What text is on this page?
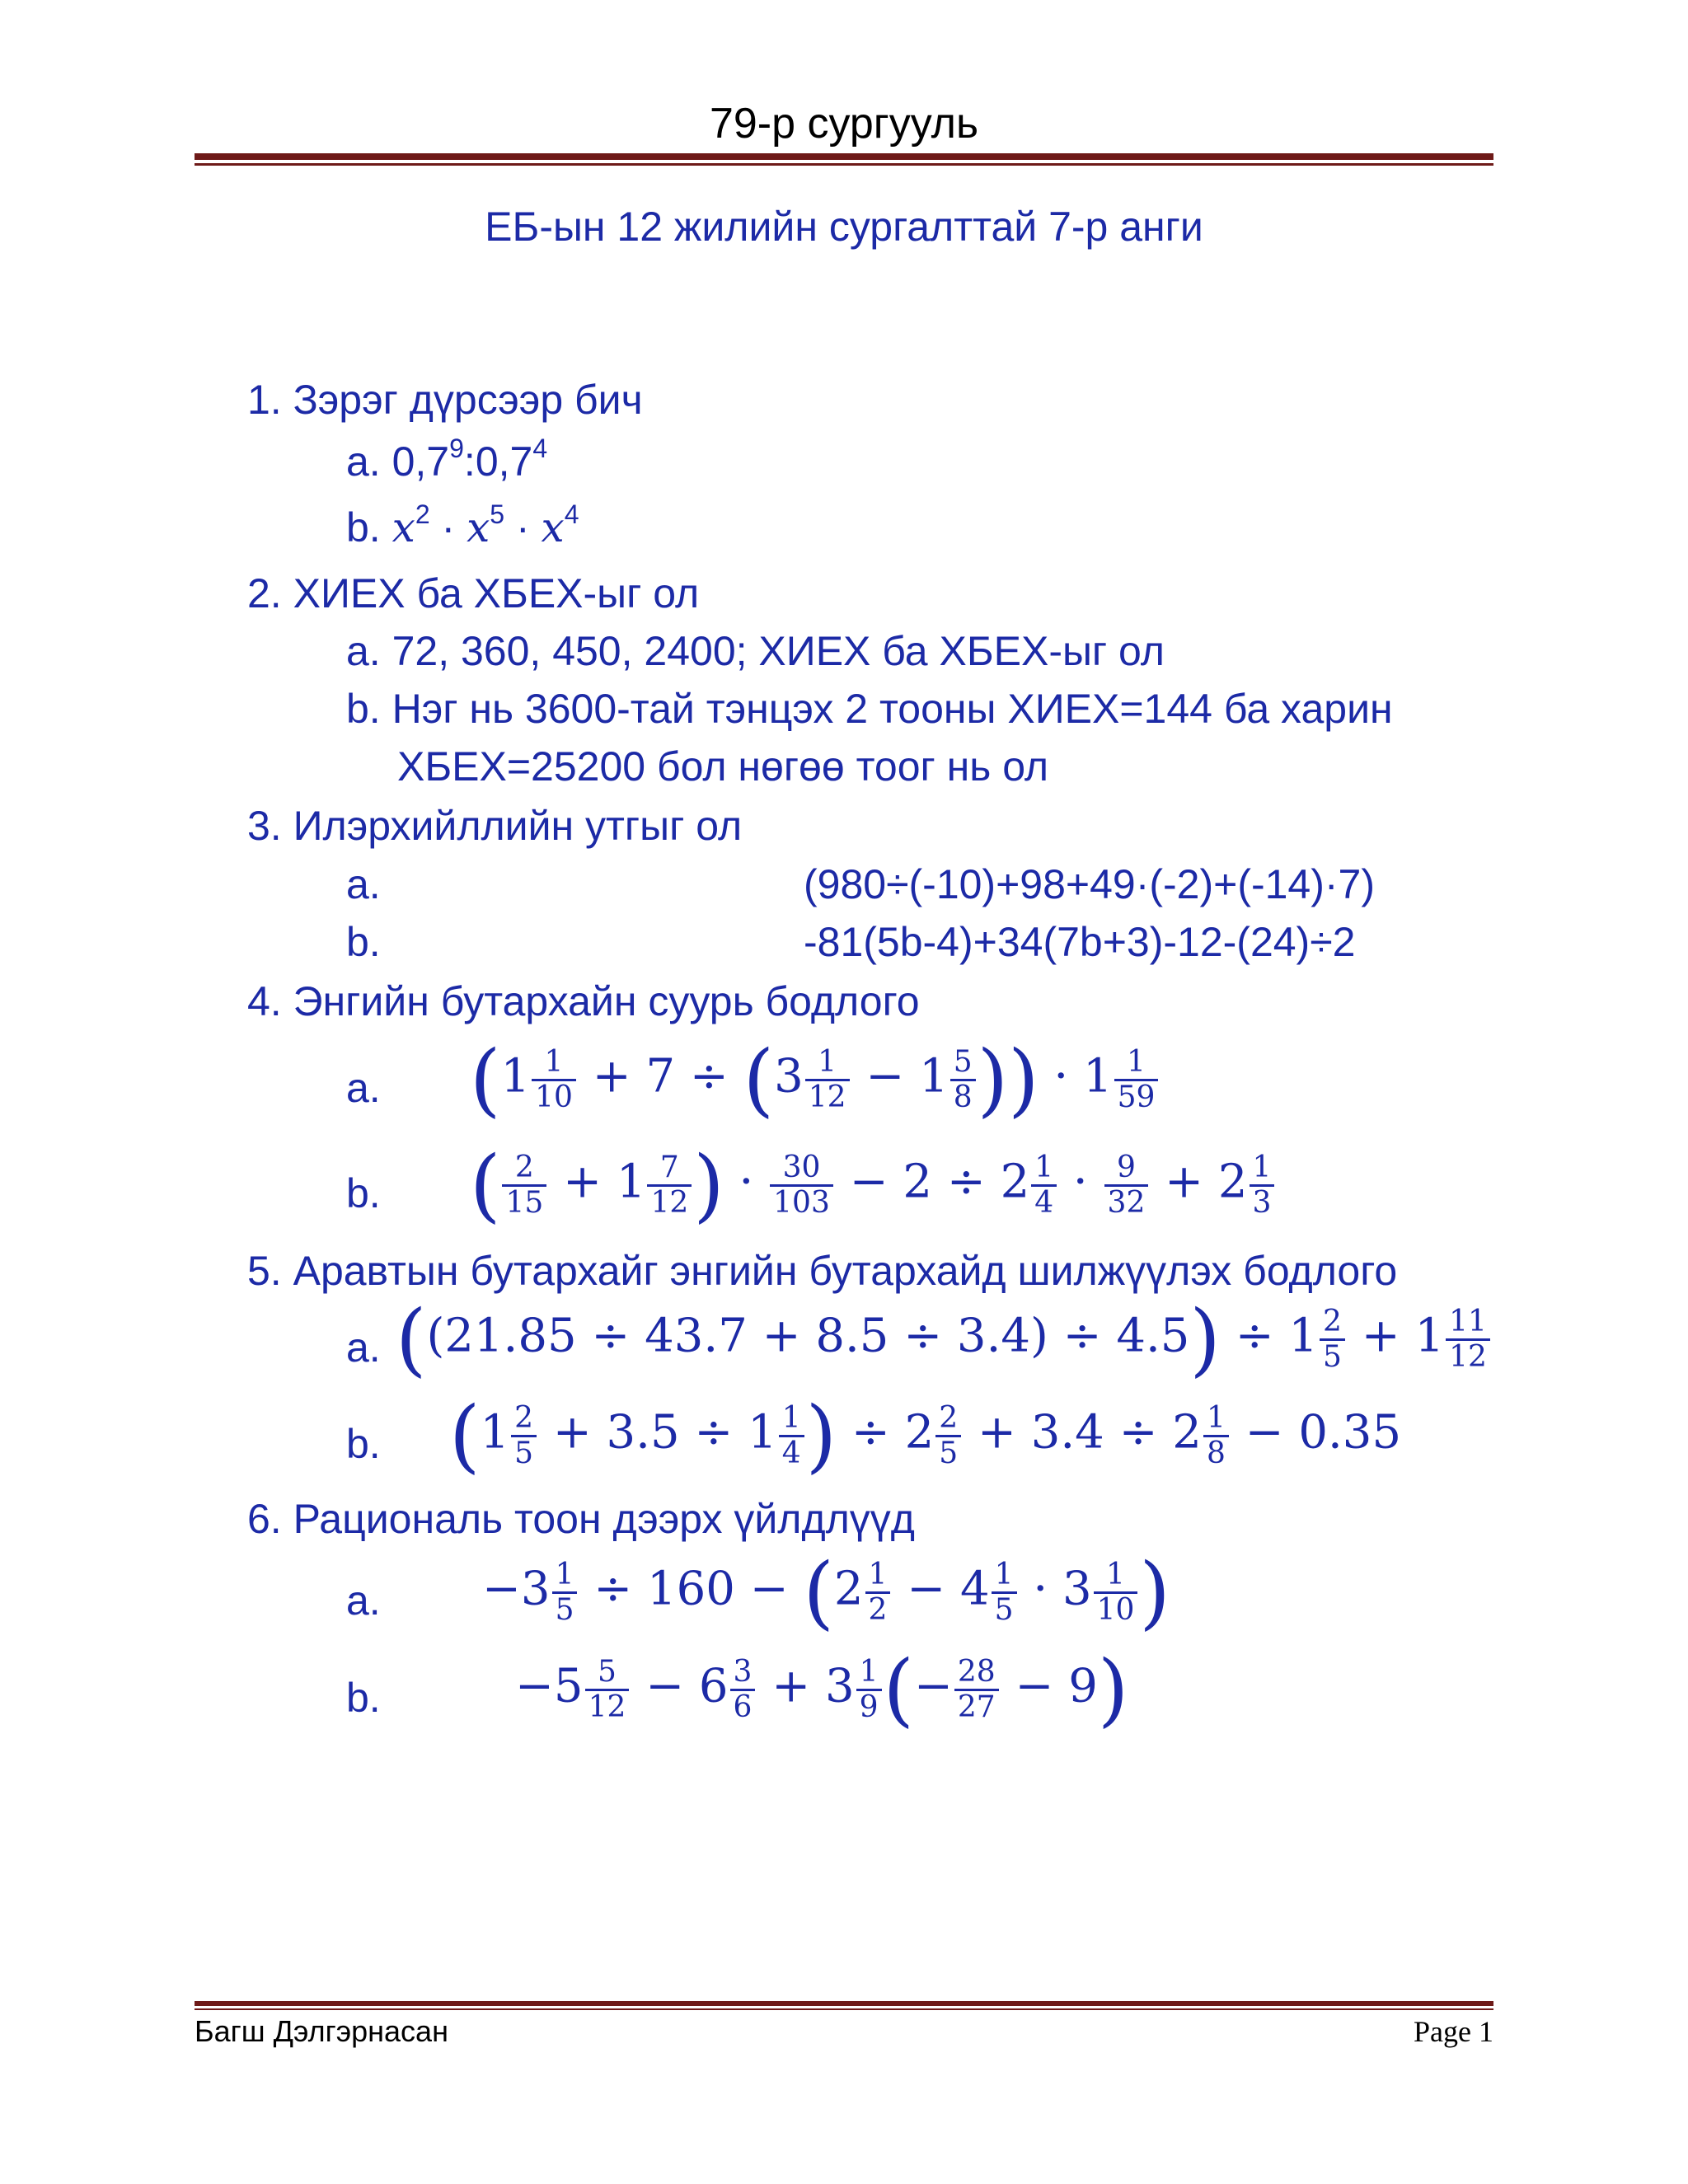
79-р сургууль
ЕБ-ын 12 жилийн сургалттай 7-р анги
1. Зэрэг дүрсээр бич
a. $0,7^9:0,7^4$
b. $x^2 \cdot x^5 \cdot x^4$
2. ХИЕХ ба ХБЕХ-ыг ол
a. 72, 360, 450, 2400; ХИЕХ ба ХБЕХ-ыг ол
b. Нэг нь 3600-тай тэнцэх 2 тооны ХИЕХ=144 ба харин
ХБЕХ=25200 бол нөгөө тоог нь ол
3. Илэрхийллийн утгыг ол
a.	(980÷(-10)+98+49·(-2)+(-14)·7)
b.	-81(5b-4)+34(7b+3)-12-(24)÷2
4. Энгийн бутархайн суурь бодлого
a. ($1 \frac{1}{10} + 7 \div (3 \frac{1}{12} - 1 \frac{5}{8}$ )) · $1 \frac{1}{59}$
b. ( $\frac{2}{15} + 1 \frac{7}{12}$ ) · $\frac{30}{103} - 2 \div 2 \frac{1}{4} \cdot \frac{9}{32} + 2 \frac{1}{3}$
5. Аравтын бутархайг энгийн бутархайд шилжүүлэх бодлого
a. $((21.85 \div 43.7 + 8.5 \div 3.4) \div 4.5) \div 1 \frac{2}{5} + 1 \frac{11}{12}$
b. ($1 \frac{2}{5} + 3.5 \div 1 \frac{1}{4}$ ) ÷ $2 \frac{2}{5} + 3.4 \div 2 \frac{1}{8} - 0.35$
6. Рациональ тоон дээрх үйлдлүүд
a. $-3 \frac{1}{5} \div 160 - (2 \frac{1}{2} - 4 \frac{1}{5} \cdot 3 \frac{1}{10}$ )
b.	$-5 \frac{5}{12} - 6 \frac{3}{6} + 3 \frac{1}{9}$ (− $\frac{28}{27} - 9$)
Багш Дэлгэрнасан	Page 1
